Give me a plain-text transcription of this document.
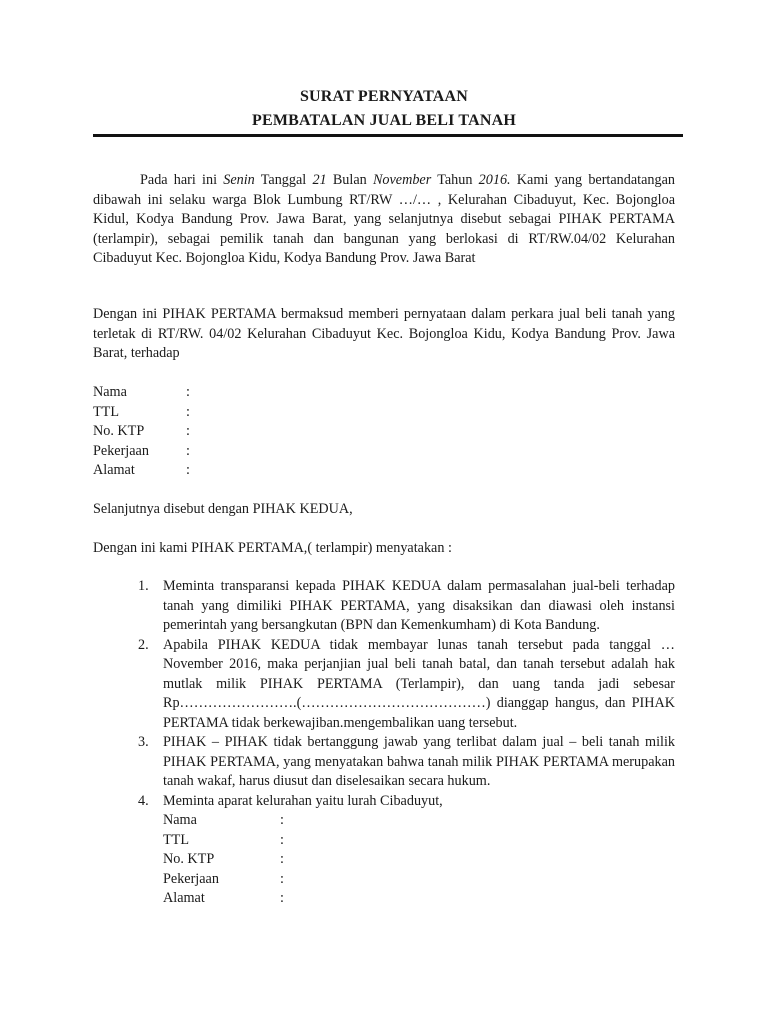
SURAT PERNYATAAN
PEMBATALAN JUAL BELI TANAH
Pada hari ini Senin Tanggal 21 Bulan November Tahun 2016. Kami yang bertandatangan dibawah ini selaku warga Blok Lumbung RT/RW …/… , Kelurahan Cibaduyut, Kec. Bojongloa Kidul, Kodya Bandung Prov. Jawa Barat, yang selanjutnya disebut sebagai PIHAK PERTAMA (terlampir), sebagai pemilik tanah dan bangunan yang berlokasi di RT/RW.04/02 Kelurahan Cibaduyut Kec. Bojongloa Kidu, Kodya Bandung Prov. Jawa Barat
Dengan ini PIHAK PERTAMA bermaksud memberi pernyataan dalam perkara jual beli tanah yang terletak di RT/RW. 04/02 Kelurahan Cibaduyut Kec. Bojongloa Kidu, Kodya Bandung Prov. Jawa Barat, terhadap
Nama	:
TTL	:
No. KTP	:
Pekerjaan	:
Alamat	:
Selanjutnya disebut dengan PIHAK KEDUA,
Dengan ini kami PIHAK PERTAMA,( terlampir) menyatakan :
1.	Meminta transparansi kepada PIHAK KEDUA dalam permasalahan jual-beli terhadap tanah yang dimiliki PIHAK PERTAMA, yang disaksikan dan diawasi oleh instansi pemerintah yang bersangkutan (BPN dan Kemenkumham) di Kota Bandung.
2.	Apabila PIHAK KEDUA tidak membayar lunas tanah tersebut pada tanggal … November 2016, maka perjanjian jual beli tanah batal, dan tanah tersebut adalah hak mutlak milik PIHAK PERTAMA (Terlampir), dan uang tanda jadi sebesar Rp…………………….(…………………………………) dianggap hangus, dan PIHAK PERTAMA tidak berkewajiban.mengembalikan uang tersebut.
3.	PIHAK – PIHAK tidak bertanggung jawab yang terlibat dalam jual – beli tanah milik PIHAK PERTAMA, yang menyatakan bahwa tanah milik PIHAK PERTAMA merupakan tanah wakaf, harus diusut dan diselesaikan secara hukum.
4.	Meminta aparat kelurahan yaitu lurah Cibaduyut,
Nama	:
TTL	:
No. KTP	:
Pekerjaan	:
Alamat	:
